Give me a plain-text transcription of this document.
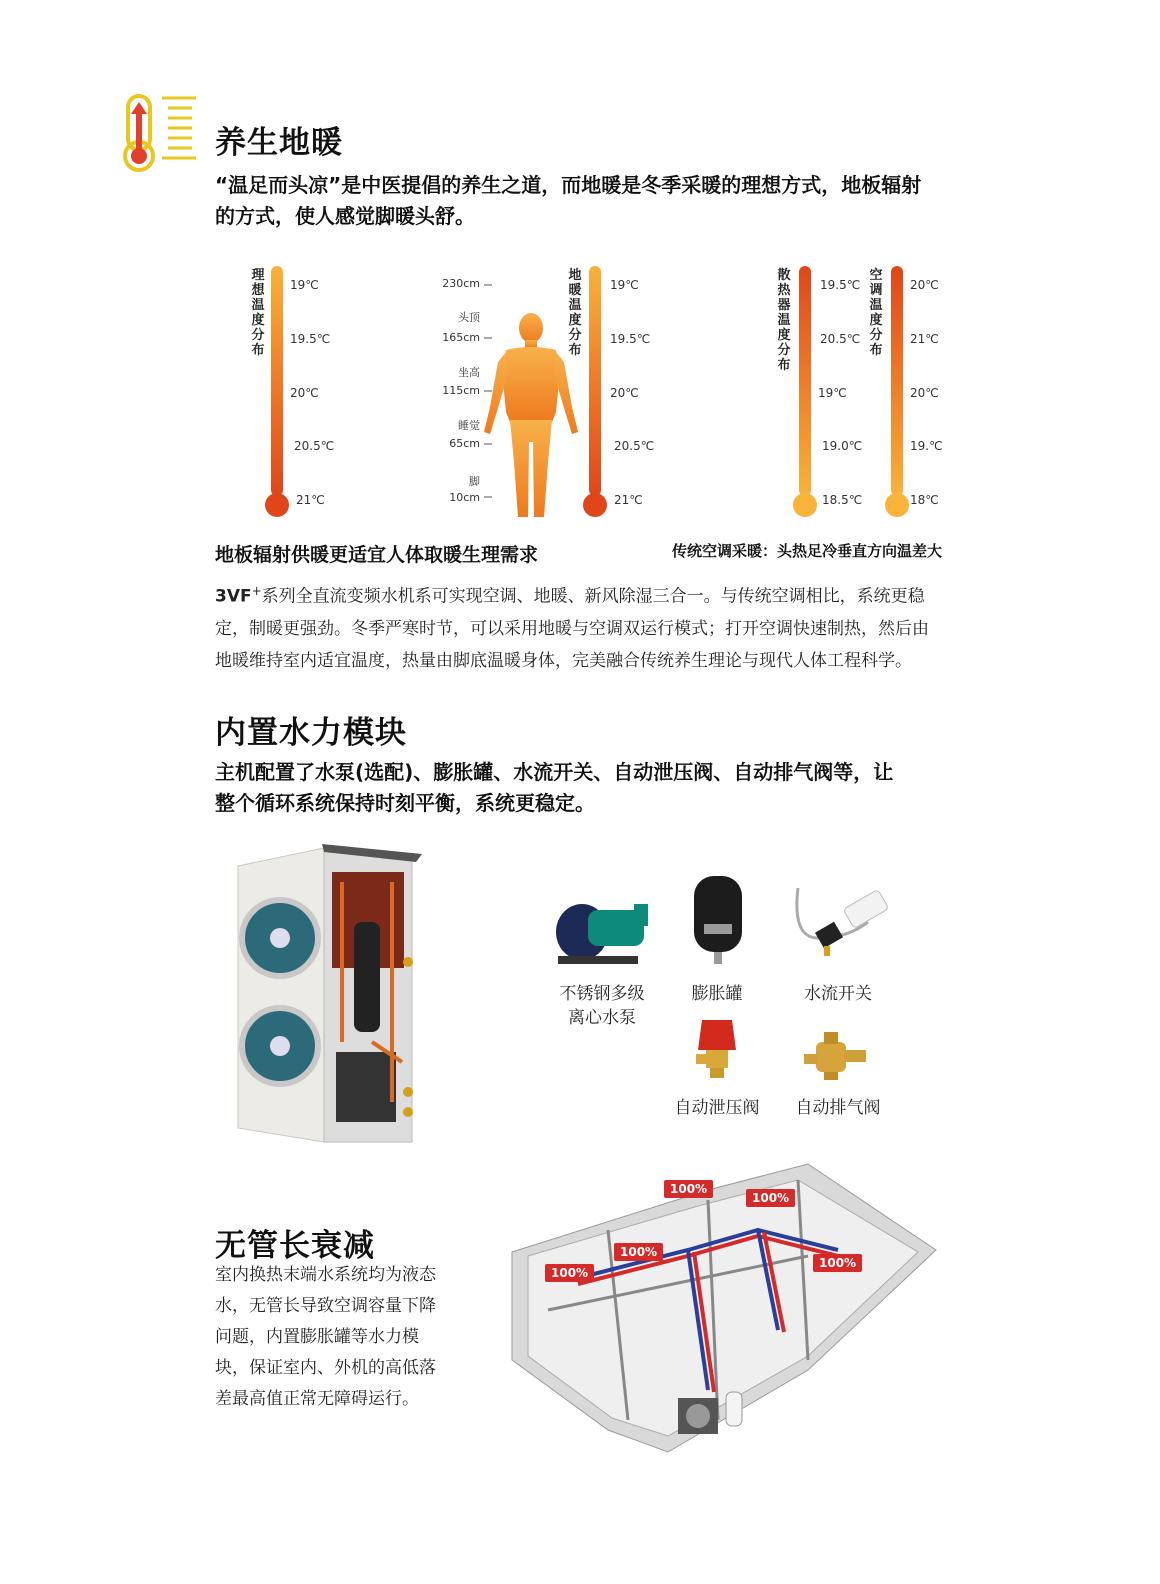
养生地暖
“温足而头凉”是中医提倡的养生之道，而地暖是冬季采暖的理想方式，地板辐射
的方式，使人感觉脚暖头舒。
理想温度分布
19℃
19.5℃
20℃
20.5℃
21℃
230cm
头顶
165cm
坐高
115cm
睡觉
65cm
脚
10cm
地暖温度分布
19℃
19.5℃
20℃
20.5℃
21℃
散热器温度分布
19.5℃
20.5℃
19℃
19.0℃
18.5℃
空调温度分布
20℃
21℃
20℃
19.℃
18℃
地板辐射供暖更适宜人体取暖生理需求	传统空调采暖：头热足冷垂直方向温差大
3VF+系列全直流变频水机系可实现空调、地暖、新风除湿三合一。与传统空调相比，系统更稳
定，制暖更强劲。冬季严寒时节，可以采用地暖与空调双运行模式；打开空调快速制热，然后由
地暖维持室内适宜温度，热量由脚底温暖身体，完美融合传统养生理论与现代人体工程科学。
内置水力模块
主机配置了水泵(选配)、膨胀罐、水流开关、自动泄压阀、自动排气阀等，让
整个循环系统保持时刻平衡，系统更稳定。
不锈钢多级
离心水泵
膨胀罐	水流开关
自动泄压阀	自动排气阀
无管长衰减
室内换热末端水系统均为液态
水，无管长导致空调容量下降
问题，内置膨胀罐等水力模
块，保证室内、外机的高低落
差最高值正常无障碍运行。
100%
100%
100%
100%
100%
